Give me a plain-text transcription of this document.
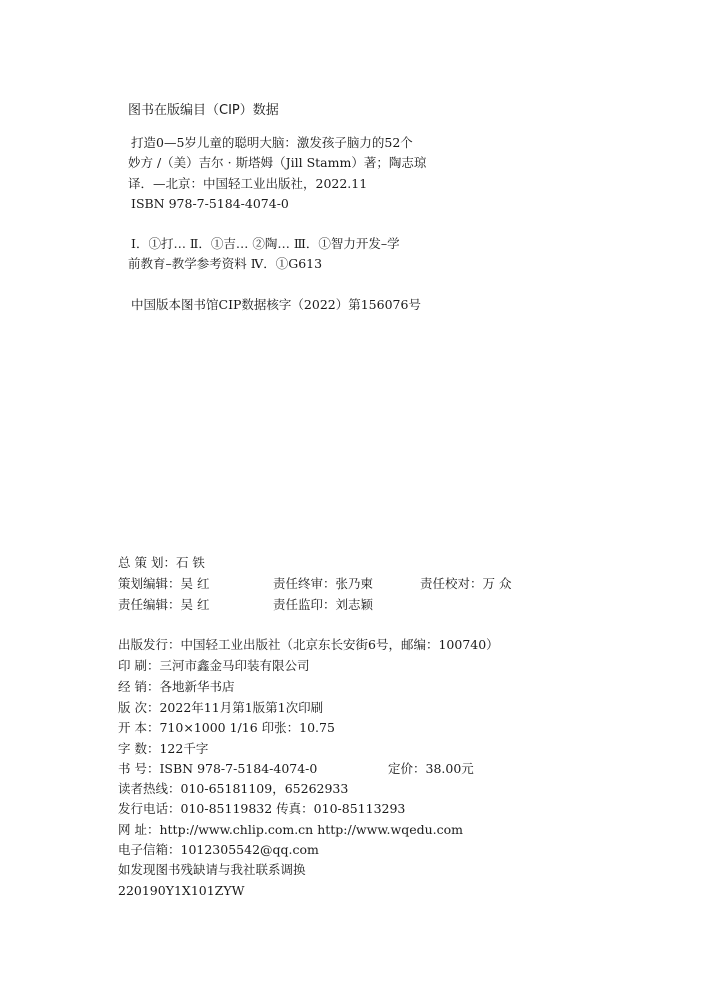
图书在版编目（CIP）数据
打造0—5岁儿童的聪明大脑：激发孩子脑力的52个
妙方 /（美）吉尔 · 斯塔姆（Jill Stamm）著；陶志琼
译．—北京：中国轻工业出版社，2022.11
ISBN 978-7-5184-4074-0
Ⅰ．①打… Ⅱ．①吉… ②陶… Ⅲ．①智力开发–学
前教育–教学参考资料 Ⅳ．①G613
中国版本图书馆CIP数据核字（2022）第156076号
总 策 划：石 铁
策划编辑：吴 红	责任终审：张乃柬	责任校对：万 众
责任编辑：吴 红	责任监印：刘志颖
出版发行：中国轻工业出版社（北京东长安街6号，邮编：100740）
印 刷：三河市鑫金马印装有限公司
经 销：各地新华书店
版 次：2022年11月第1版第1次印刷
开 本：710×1000 1/16 印张：10.75
字 数：122千字
书 号：ISBN 978-7-5184-4074-0	定价：38.00元
读者热线：010-65181109，65262933
发行电话：010-85119832 传真：010-85113293
网 址：http://www.chlip.com.cn http://www.wqedu.com
电子信箱：1012305542@qq.com
如发现图书残缺请与我社联系调换
220190Y1X101ZYW
